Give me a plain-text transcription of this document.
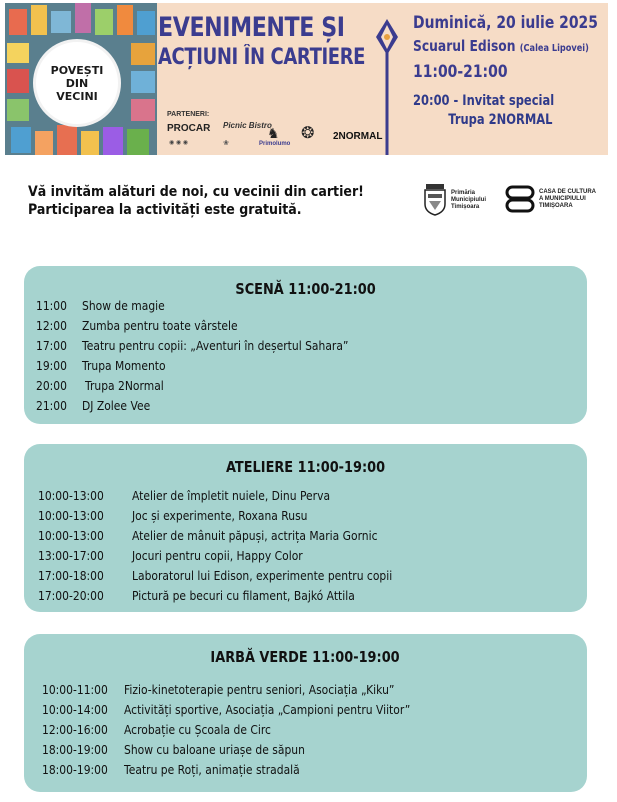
POVEȘTI
DIN
VECINI
EVENIMENTE ȘI
ACȚIUNI ÎN CARTIERE
PARTENERI:
PROCAR
◉ ◉ ◉
Picnic Bistro
❀
♞
Primolumo
❂ 2NORMAL
Duminică, 20 iulie 2025
Scuarul Edison (Calea Lipovei)
11:00-21:00
20:00 - Invitat special
Trupa 2NORMAL
Vă invităm alături de noi, cu vecinii din cartier!
Participarea la activități este gratuită.
Primăria
Municipiului
Timișoara
CASA DE CULTURA
A MUNICIPIULUI
TIMIȘOARA
SCENĂ 11:00-21:00
11:00 Show de magie
12:00 Zumba pentru toate vârstele
17:00 Teatru pentru copii: „Aventuri în deșertul Sahara”
19:00 Trupa Momento
20:00 Trupa 2Normal
21:00 DJ Zolee Vee
ATELIERE 11:00-19:00
10:00-13:00 Atelier de împletit nuiele, Dinu Perva
10:00-13:00 Joc și experimente, Roxana Rusu
10:00-13:00 Atelier de mânuit păpuși, actrița Maria Gornic
13:00-17:00 Jocuri pentru copii, Happy Color
17:00-18:00 Laboratorul lui Edison, experimente pentru copii
17:00-20:00 Pictură pe becuri cu filament, Bajkó Attila
IARBĂ VERDE 11:00-19:00
10:00-11:00 Fizio-kinetoterapie pentru seniori, Asociația „Kiku”
10:00-14:00 Activități sportive, Asociația „Campioni pentru Viitor”
12:00-16:00 Acrobație cu Școala de Circ
18:00-19:00 Show cu baloane uriașe de săpun
18:00-19:00 Teatru pe Roți, animație stradală
